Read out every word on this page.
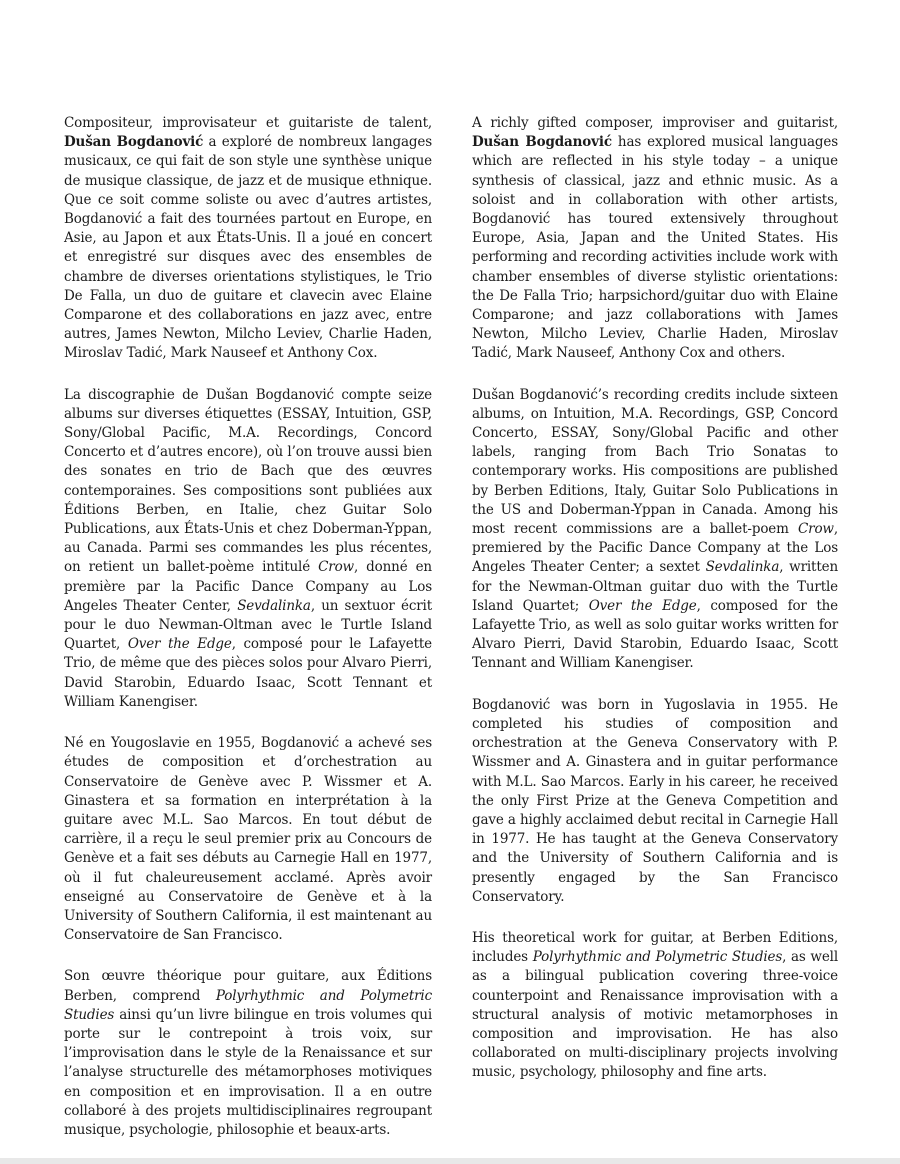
Compositeur, improvisateur et guitariste de talent, Dušan Bogdanović a exploré de nombreux langages musicaux, ce qui fait de son style une synthèse unique de musique classique, de jazz et de musique ethnique. Que ce soit comme soliste ou avec d’autres artistes, Bogdanović a fait des tournées partout en Europe, en Asie, au Japon et aux États-Unis. Il a joué en concert et enregistré sur disques avec des ensembles de chambre de diverses orientations stylistiques, le Trio De Falla, un duo de guitare et clavecin avec Elaine Comparone et des collaborations en jazz avec, entre autres, James Newton, Milcho Leviev, Charlie Haden, Miroslav Tadić, Mark Nauseef et Anthony Cox.

La discographie de Dušan Bogdanović compte seize albums sur diverses étiquettes (ESSAY, Intuition, GSP, Sony/Global Pacific, M.A. Recordings, Concord Concerto et d’autres encore), où l’on trouve aussi bien des sonates en trio de Bach que des œuvres contemporaines. Ses compositions sont publiées aux Éditions Berben, en Italie, chez Guitar Solo Publications, aux États-Unis et chez Doberman-Yppan, au Canada. Parmi ses commandes les plus récentes, on retient un ballet-poème intitulé Crow, donné en première par la Pacific Dance Company au Los Angeles Theater Center, Sevdalinka, un sextuor écrit pour le duo Newman-Oltman avec le Turtle Island Quartet, Over the Edge, composé pour le Lafayette Trio, de même que des pièces solos pour Alvaro Pierri, David Starobin, Eduardo Isaac, Scott Tennant et William Kanengiser.

Né en Yougoslavie en 1955, Bogdanović a achevé ses études de composition et d’orchestration au Conservatoire de Genève avec P. Wissmer et A. Ginastera et sa formation en interprétation à la guitare avec M.L. Sao Marcos. En tout début de carrière, il a reçu le seul premier prix au Concours de Genève et a fait ses débuts au Carnegie Hall en 1977, où il fut chaleureusement acclamé. Après avoir enseigné au Conservatoire de Genève et à la University of Southern California, il est maintenant au Conservatoire de San Francisco.

Son œuvre théorique pour guitare, aux Éditions Berben, comprend Polyrhythmic and Polymetric Studies ainsi qu’un livre bilingue en trois volumes qui porte sur le contrepoint à trois voix, sur l’improvisation dans le style de la Renaissance et sur l’analyse structurelle des métamorphoses motiviques en composition et en improvisation. Il a en outre collaboré à des projets multidisciplinaires regroupant musique, psychologie, philosophie et beaux-arts.

A richly gifted composer, improviser and guitarist, Dušan Bogdanović has explored musical languages which are reflected in his style today – a unique synthesis of classical, jazz and ethnic music. As a soloist and in collaboration with other artists, Bogdanović has toured extensively throughout Europe, Asia, Japan and the United States. His performing and recording activities include work with chamber ensembles of diverse stylistic orientations: the De Falla Trio; harpsichord/guitar duo with Elaine Comparone; and jazz collaborations with James Newton, Milcho Leviev, Charlie Haden, Miroslav Tadić, Mark Nauseef, Anthony Cox and others.

Dušan Bogdanović’s recording credits include sixteen albums, on Intuition, M.A. Recordings, GSP, Concord Concerto, ESSAY, Sony/Global Pacific and other labels, ranging from Bach Trio Sonatas to contemporary works. His compositions are published by Berben Editions, Italy, Guitar Solo Publications in the US and Doberman-Yppan in Canada. Among his most recent commissions are a ballet-poem Crow, premiered by the Pacific Dance Company at the Los Angeles Theater Center; a sextet Sevdalinka, written for the Newman-Oltman guitar duo with the Turtle Island Quartet; Over the Edge, composed for the Lafayette Trio, as well as solo guitar works written for Alvaro Pierri, David Starobin, Eduardo Isaac, Scott Tennant and William Kanengiser.

Bogdanović was born in Yugoslavia in 1955. He completed his studies of composition and orchestration at the Geneva Conservatory with P. Wissmer and A. Ginastera and in guitar performance with M.L. Sao Marcos. Early in his career, he received the only First Prize at the Geneva Competition and gave a highly acclaimed debut recital in Carnegie Hall in 1977. He has taught at the Geneva Conservatory and the University of Southern California and is presently engaged by the San Francisco Conservatory.

His theoretical work for guitar, at Berben Editions, includes Polyrhythmic and Polymetric Studies, as well as a bilingual publication covering three-voice counterpoint and Renaissance improvisation with a structural analysis of motivic metamorphoses in composition and improvisation. He has also collaborated on multi-disciplinary projects involving music, psychology, philosophy and fine arts.
